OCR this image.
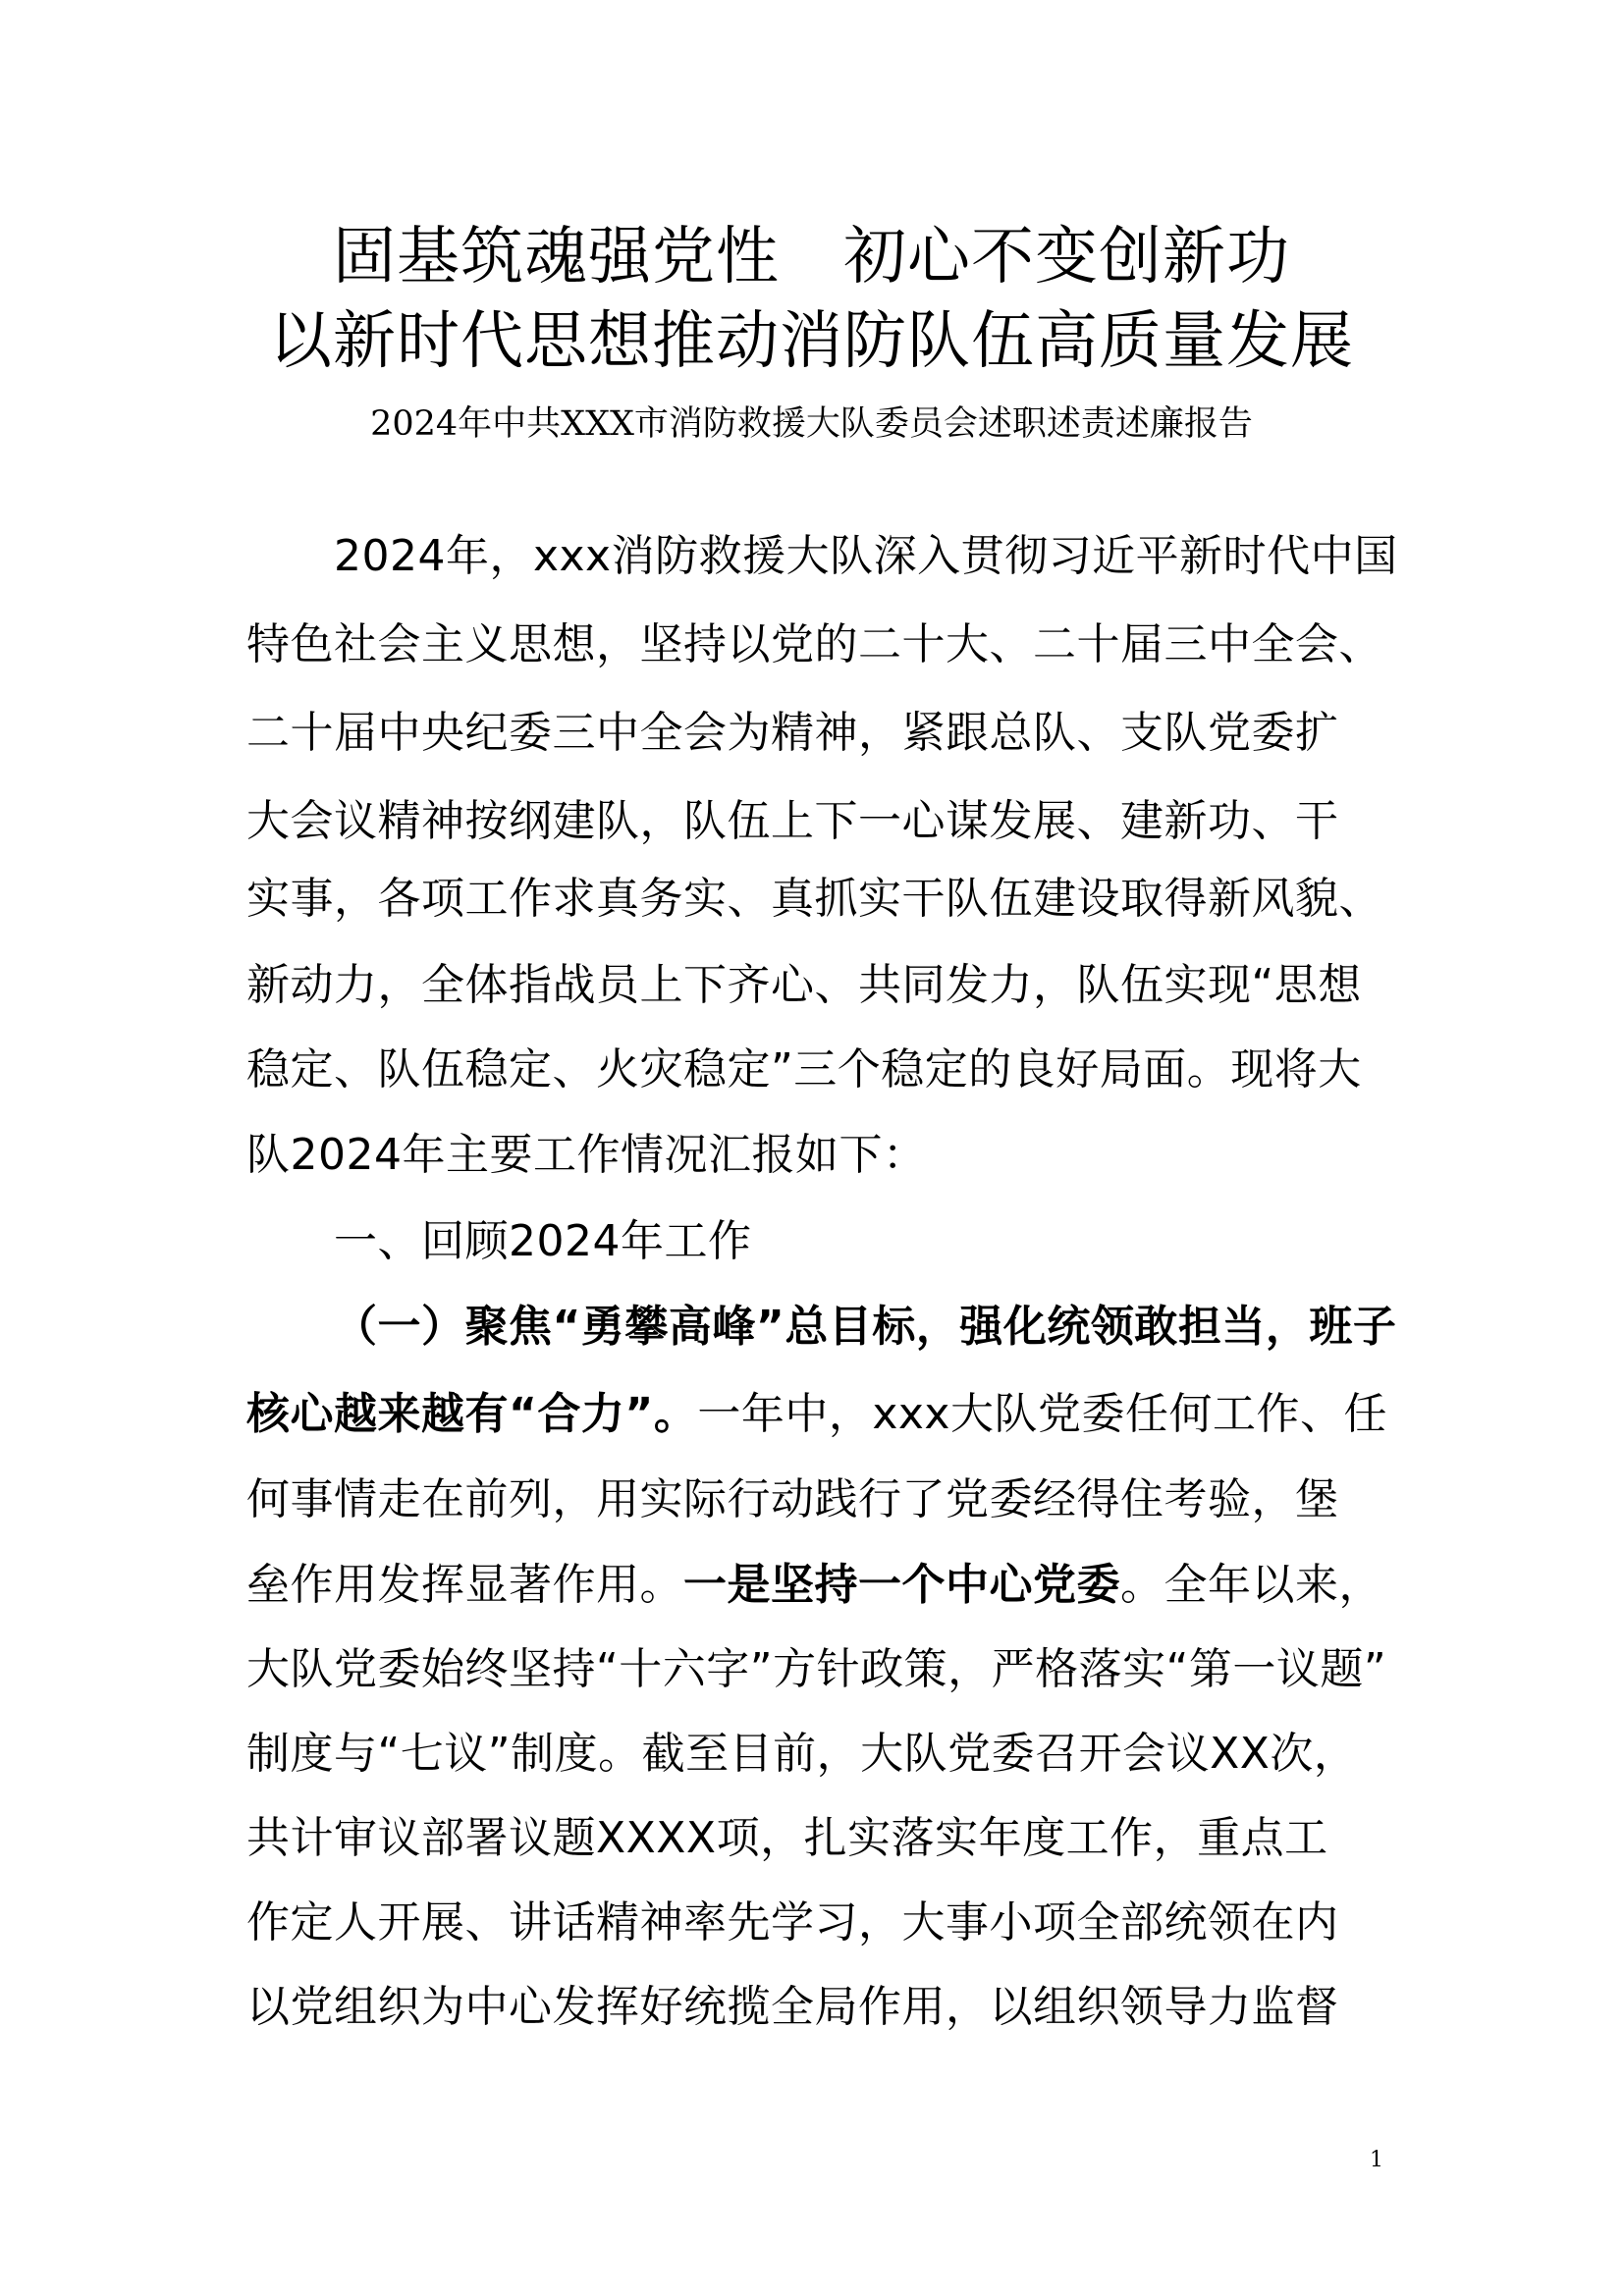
固基筑魂强党性　初心不变创新功
以新时代思想推动消防队伍高质量发展
2024年中共XXX市消防救援大队委员会述职述责述廉报告
2024年，xxx消防救援大队深入贯彻习近平新时代中国
特色社会主义思想，坚持以党的二十大、二十届三中全会、
二十届中央纪委三中全会为精神，紧跟总队、支队党委扩
大会议精神按纲建队，队伍上下一心谋发展、建新功、干
实事，各项工作求真务实、真抓实干队伍建设取得新风貌、
新动力，全体指战员上下齐心、共同发力，队伍实现“思想
稳定、队伍稳定、火灾稳定”三个稳定的良好局面。现将大
队2024年主要工作情况汇报如下：
一、回顾2024年工作
（一）聚焦“勇攀高峰”总目标，强化统领敢担当，班子
核心越来越有“合力”。一年中，xxx大队党委任何工作、任
何事情走在前列，用实际行动践行了党委经得住考验，堡
垒作用发挥显著作用。一是坚持一个中心党委。全年以来，
大队党委始终坚持“十六字”方针政策，严格落实“第一议题”
制度与“七议”制度。截至目前，大队党委召开会议XX次，
共计审议部署议题XXXX项，扎实落实年度工作，重点工
作定人开展、讲话精神率先学习，大事小项全部统领在内
以党组织为中心发挥好统揽全局作用，以组织领导力监督
1
